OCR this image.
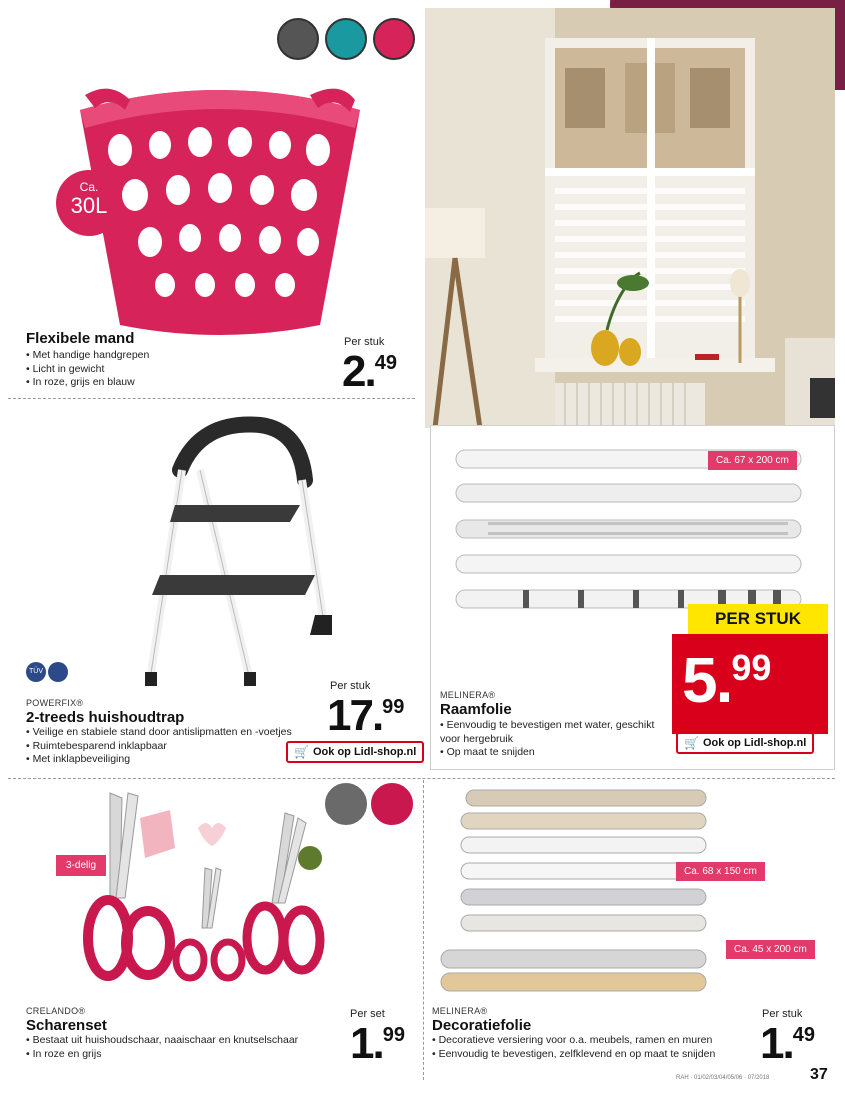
Ca.
30L
Flexibele mand
• Met handige handgrepen
• Licht in gewicht
• In roze, grijs en blauw
Per stuk
2.49
TÜV
POWERFIX®
2-treeds huishoudtrap
• Veilige en stabiele stand door antislipmatten en -voetjes
• Ruimtebesparend inklapbaar
• Met inklapbeveiliging
Per stuk
17.99
🛒 Ook op Lidl-shop.nl
Ca. 67 x 200 cm
PER STUK
5.99
🛒 Ook op Lidl-shop.nl
MELINERA®
Raamfolie
• Eenvoudig te bevestigen met water, geschikt voor hergebruik
• Op maat te snijden
3-delig
CRELANDO®
Scharenset
• Bestaat uit huishoudschaar, naaischaar en knutselschaar
• In roze en grijs
Per set
1.99
Ca. 68 x 150 cm
Ca. 45 x 200 cm
MELINERA®
Decoratiefolie
• Decoratieve versiering voor o.a. meubels, ramen en muren
• Eenvoudig te bevestigen, zelfklevend en op maat te snijden
Per stuk
1.49
RAH · 01/02/03/04/05/06 · 07/2018	37
